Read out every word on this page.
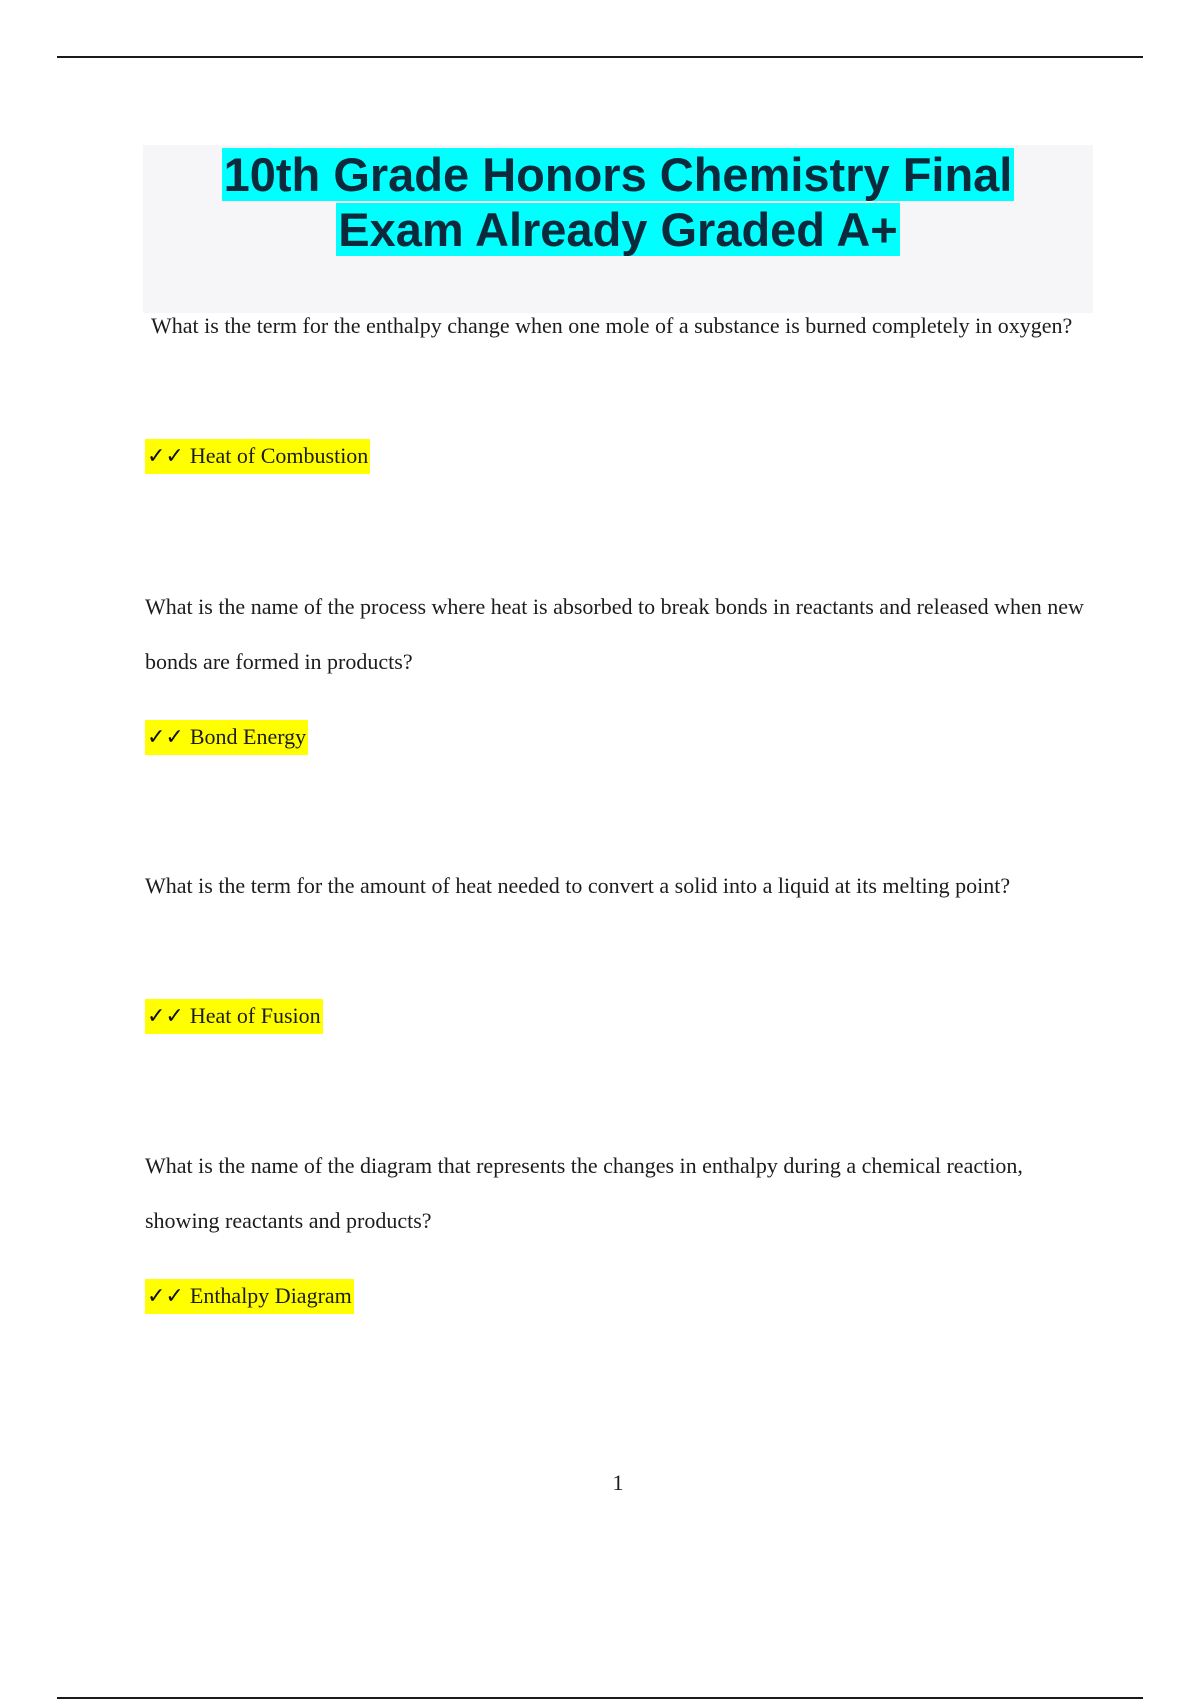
10th Grade Honors Chemistry Final
Exam Already Graded A+
What is the term for the enthalpy change when one mole of a substance is burned completely in oxygen?
✓✓ Heat of Combustion
What is the name of the process where heat is absorbed to break bonds in reactants and released when new bonds are formed in products?
✓✓ Bond Energy
What is the term for the amount of heat needed to convert a solid into a liquid at its melting point?
✓✓ Heat of Fusion
What is the name of the diagram that represents the changes in enthalpy during a chemical reaction, showing reactants and products?
✓✓ Enthalpy Diagram
1
